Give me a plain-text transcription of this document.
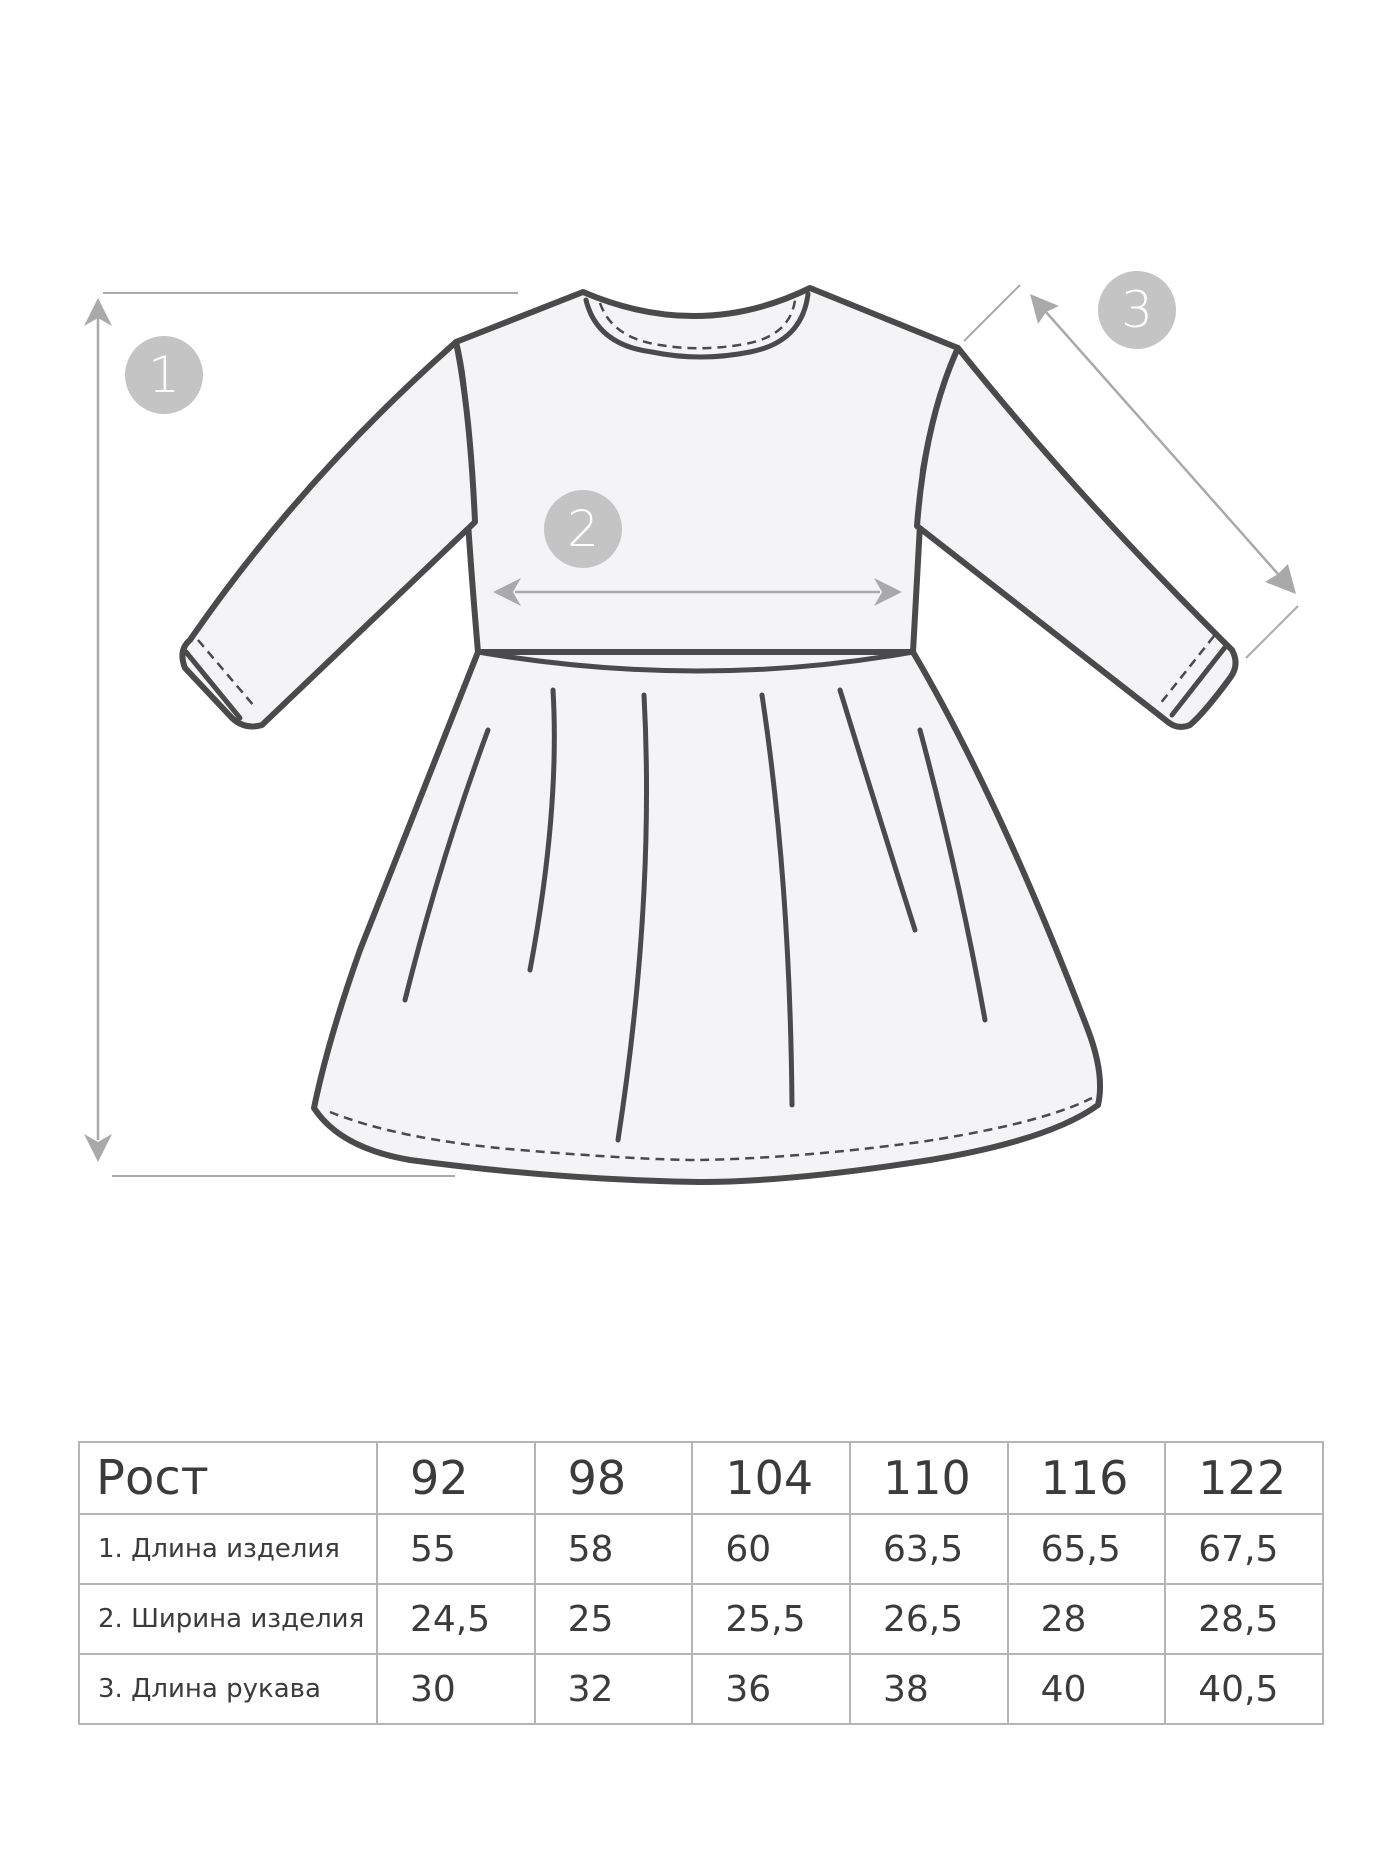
1
2
3
Рост	92	98	104	110	116	122
1. Длина изделия	55	58	60	63,5	65,5	67,5
2. Ширина изделия	24,5	25	25,5	26,5	28	28,5
3. Длина рукава	30	32	36	38	40	40,5
